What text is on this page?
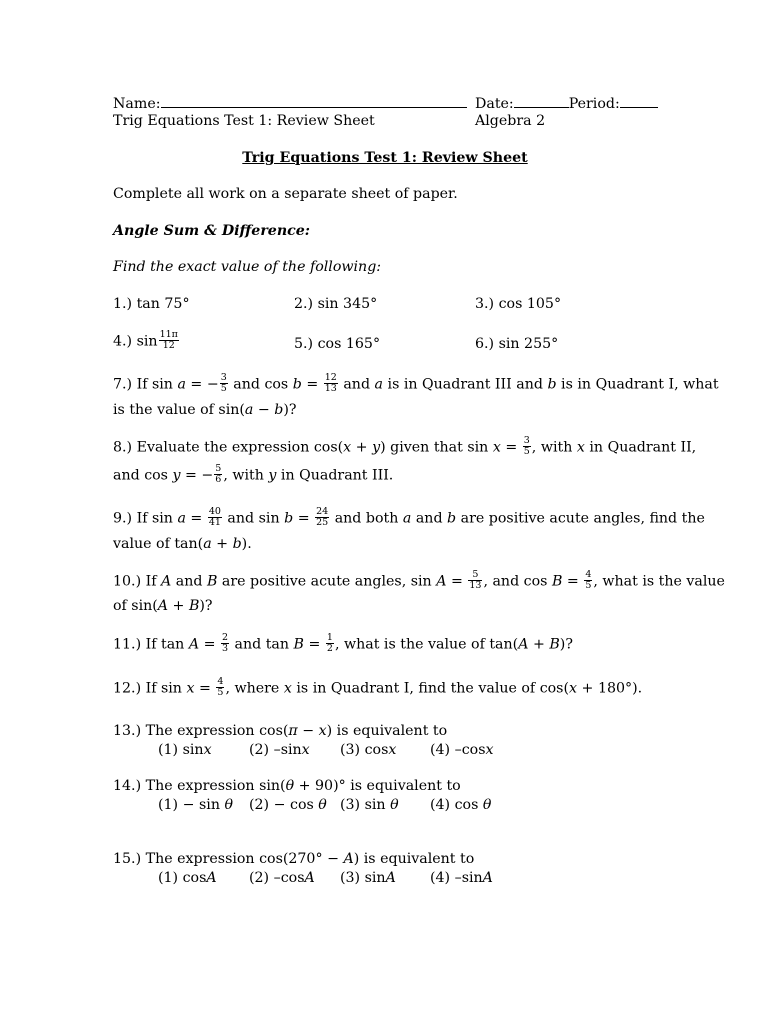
Name:	Date:	Period:
Trig Equations Test 1: Review Sheet	Algebra 2
Trig Equations Test 1: Review Sheet
Complete all work on a separate sheet of paper.
Angle Sum & Difference:
Find the exact value of the following:
1.) tan 75°	2.) sin 345°	3.) cos 105°
4.) $\sin \frac{11\pi}{12}$	5.) cos 165°	6.) sin 255°
7.) If sin a = − $\frac{3}{5}$ and $\cos b = \frac{12}{13}$ and a is in Quadrant III and b is in Quadrant I, what
is the value of sin(a − b)?
8.) Evaluate the expression cos(x + y) given that $\sin x = \frac{3}{5}$ , with x in Quadrant II,
and cos y = − $\frac{5}{6}$ , with y in Quadrant III.
9.) If $\sin a = \frac{40}{41}$ and $\sin b = \frac{24}{25}$ and both a and b are positive acute angles, find the
value of tan(a + b).
10.) If A and B are positive acute angles, $\sin A = \frac{5}{13}$ , and $\cos B = \frac{4}{5}$ , what is the value
of sin(A + B)?
11.) If $\tan A = \frac{2}{3}$ and $\tan B = \frac{1}{2}$ , what is the value of tan(A + B)?
12.) If $\sin x = \frac{4}{5}$ , where x is in Quadrant I, find the value of cos(x + 180°).
13.) The expression cos(π − x) is equivalent to
(1) sinx	(2) –sinx (3) cosx (4) –cosx
14.) The expression sin(θ + 90)° is equivalent to
(1) − sin θ (2) − cos θ (3) sin θ (4) cos θ
15.) The expression cos(270° − A) is equivalent to
(1) cosA (2) –cosA (3) sinA (4) –sinA
